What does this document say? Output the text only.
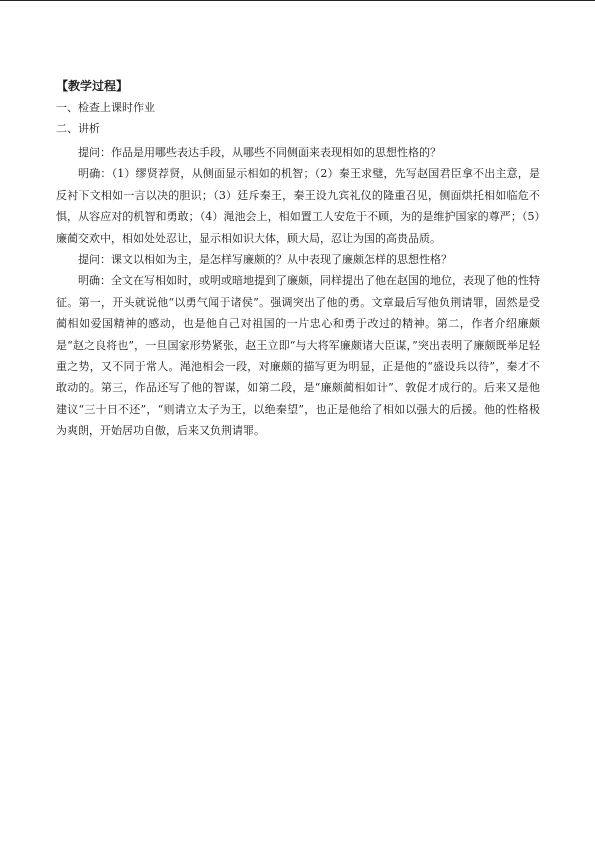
【教学过程】
一、检查上课时作业
二、讲析

提问：作品是用哪些表达手段，从哪些不同侧面来表现相如的思想性格的？

明确：（1）缪贤荐贤，从侧面显示相如的机智；（2）秦王求璧，先写赵国君臣拿不出主意，是反衬下文相如一言以决的胆识；（3）廷斥秦王，秦王设九宾礼仪的隆重召见，侧面烘托相如临危不惧，从容应对的机智和勇敢；（4）渑池会上，相如置工人安危于不顾，为的是维护国家的尊严；（5）廉蔺交欢中，相如处处忍让，显示相如识大体，顾大局，忍让为国的高贵品质。

提问：课文以相如为主，是怎样写廉颇的？从中表现了廉颇怎样的思想性格？

明确：全文在写相如时，或明或暗地提到了廉颇，同样提出了他在赵国的地位，表现了他的性特征。第一，开头就说他“以勇气闻于诸侯”。强调突出了他的勇。文章最后写他负荆请罪，固然是受蔺相如爱国精神的感动，也是他自己对祖国的一片忠心和勇于改过的精神。第二，作者介绍廉颇是“赵之良将也”，一旦国家形势紧张，赵王立即“与大将军廉颇诸大臣谋，”突出表明了廉颇既举足轻重之势，又不同于常人。渑池相会一段，对廉颇的描写更为明显，正是他的“盛设兵以待”，秦才不敢动的。第三，作品还写了他的智谋，如第二段，是“廉颇蔺相如计”、敦促才成行的。后来又是他建议“三十日不还”，“则请立太子为王，以绝秦望”，也正是他给了相如以强大的后援。他的性格极为爽朗，开始居功自傲，后来又负荆请罪。
